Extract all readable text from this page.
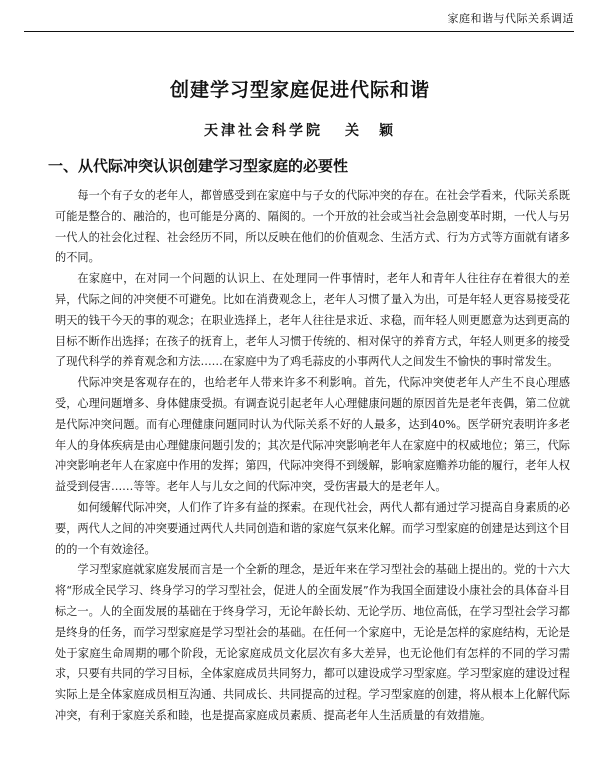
家庭和谐与代际关系调适
创建学习型家庭促进代际和谐
天津社会科学院 关　颖
一、从代际冲突认识创建学习型家庭的必要性

每一个有子女的老年人，都曾感受到在家庭中与子女的代际冲突的存在。在社会学看来，代际关系既可能是整合的、融洽的，也可能是分离的、隔阂的。一个开放的社会或当社会急剧变革时期，一代人与另一代人的社会化过程、社会经历不同，所以反映在他们的价值观念、生活方式、行为方式等方面就有诸多的不同。

在家庭中，在对同一个问题的认识上、在处理同一件事情时，老年人和青年人往往存在着很大的差异，代际之间的冲突便不可避免。比如在消费观念上，老年人习惯了量入为出，可是年轻人更容易接受花明天的钱干今天的事的观念；在职业选择上，老年人往往是求近、求稳，而年轻人则更愿意为达到更高的目标不断作出选择；在孩子的抚育上，老年人习惯于传统的、相对保守的养育方式，年轻人则更多的接受了现代科学的养育观念和方法……在家庭中为了鸡毛蒜皮的小事两代人之间发生不愉快的事时常发生。

代际冲突是客观存在的，也给老年人带来许多不利影响。首先，代际冲突使老年人产生不良心理感受，心理问题增多、身体健康受损。有调查说引起老年人心理健康问题的原因首先是老年丧偶，第二位就是代际冲突问题。而有心理健康问题同时认为代际关系不好的人最多，达到40%。医学研究表明许多老年人的身体疾病是由心理健康问题引发的；其次是代际冲突影响老年人在家庭中的权威地位；第三，代际冲突影响老年人在家庭中作用的发挥；第四，代际冲突得不到缓解，影响家庭赡养功能的履行，老年人权益受到侵害……等等。老年人与儿女之间的代际冲突，受伤害最大的是老年人。

如何缓解代际冲突，人们作了许多有益的探索。在现代社会，两代人都有通过学习提高自身素质的必要，两代人之间的冲突要通过两代人共同创造和谐的家庭气氛来化解。而学习型家庭的创建是达到这个目的的一个有效途径。

学习型家庭就家庭发展而言是一个全新的理念，是近年来在学习型社会的基础上提出的。党的十六大将“形成全民学习、终身学习的学习型社会，促进人的全面发展”作为我国全面建设小康社会的具体奋斗目标之一。人的全面发展的基础在于终身学习，无论年龄长幼、无论学历、地位高低，在学习型社会学习都是终身的任务，而学习型家庭是学习型社会的基础。在任何一个家庭中，无论是怎样的家庭结构，无论是处于家庭生命周期的哪个阶段，无论家庭成员文化层次有多大差异，也无论他们有怎样的不同的学习需求，只要有共同的学习目标，全体家庭成员共同努力，都可以建设成学习型家庭。学习型家庭的建设过程实际上是全体家庭成员相互沟通、共同成长、共同提高的过程。学习型家庭的创建，将从根本上化解代际冲突，有利于家庭关系和睦，也是提高家庭成员素质、提高老年人生活质量的有效措施。
